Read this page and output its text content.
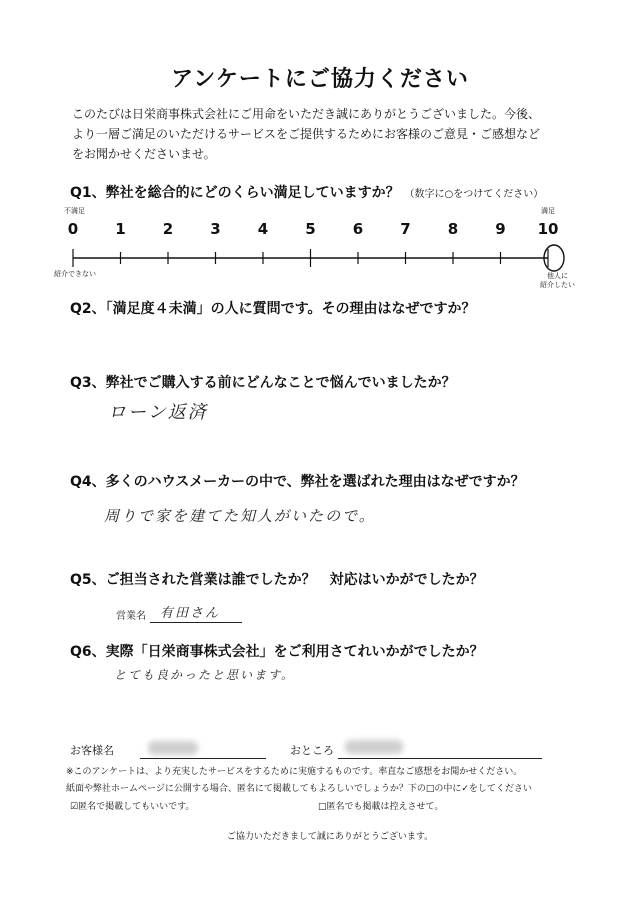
アンケートにご協力ください
このたびは日栄商事株式会社にご用命をいただき誠にありがとうございました。今後、
より一層ご満足のいただけるサービスをご提供するためにお客様のご意見・ご感想など
をお聞かせくださいませ。
Q1、弊社を総合的にどのくらい満足していますか？ （数字に○をつけてください）
不満足
紹介できない
満足
他人に
紹介したい
0 1 2 3 4 5 6 7 8 9 10
Q2、「満足度４未満」の人に質問です。その理由はなぜですか？
Q3、弊社でご購入する前にどんなことで悩んでいましたか？
ローン返済
Q4、多くのハウスメーカーの中で、弊社を選ばれた理由はなぜですか？
周りで家を建てた知人がいたので。
Q5、ご担当された営業は誰でしたか？　対応はいかがでしたか？
営業名 有田さん
Q6、実際「日栄商事株式会社」をご利用さてれいかがでしたか？
とても良かったと思います。
お客様名	おところ
※このアンケートは、より充実したサービスをするために実施するものです。率直なご感想をお聞かせください。
紙面や弊社ホームページに公開する場合、匿名にて掲載してもよろしいでしょうか？下の□の中に✓をしてください
☑匿名で掲載してもいいです。	□匿名でも掲載は控えさせて。
ご協力いただきまして誠にありがとうございます。
